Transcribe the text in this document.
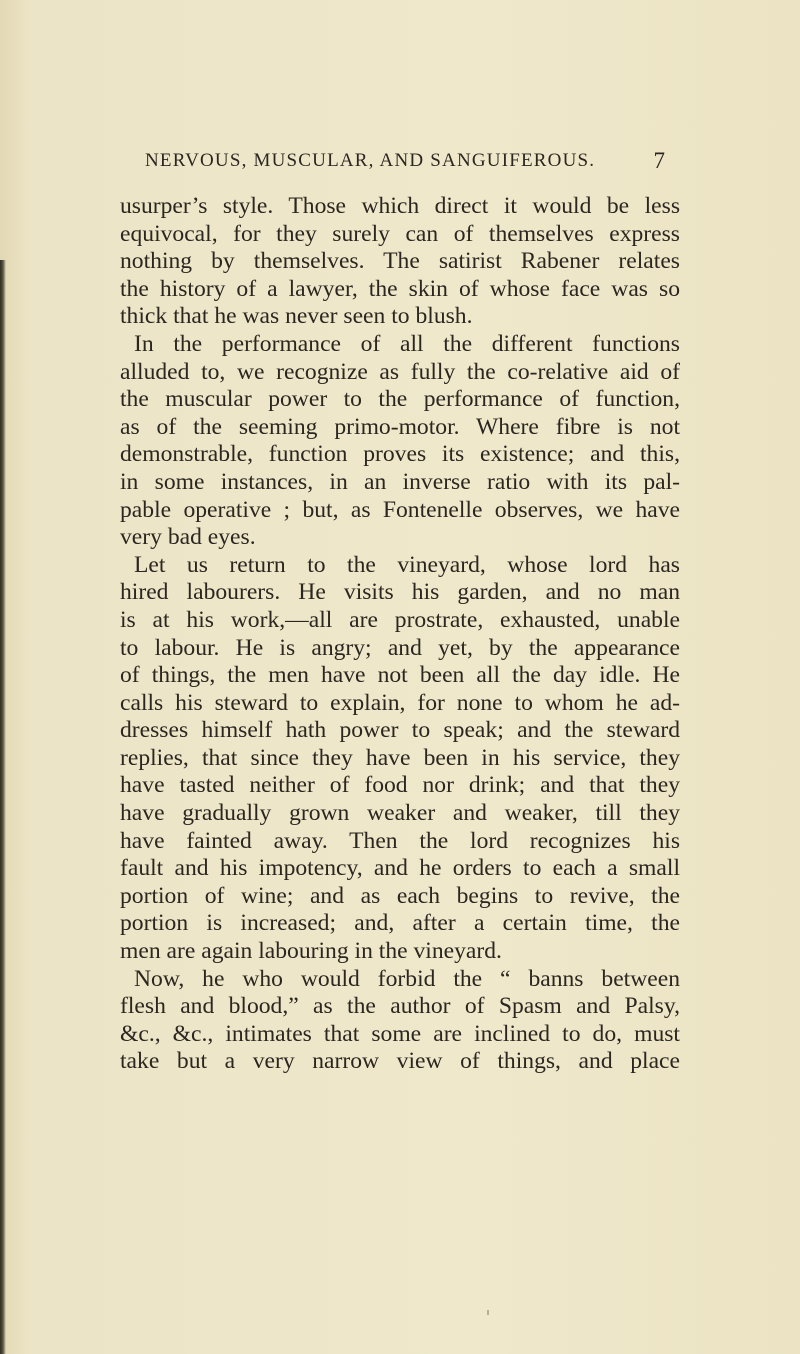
NERVOUS, MUSCULAR, AND SANGUIFEROUS.	7
usurper’s style. Those which direct it would be less
equivocal, for they surely can of themselves express
nothing by themselves. The satirist Rabener relates
the history of a lawyer, the skin of whose face was so
thick that he was never seen to blush.
In the performance of all the different functions
alluded to, we recognize as fully the co-relative aid of
the muscular power to the performance of function,
as of the seeming primo-motor. Where fibre is not
demonstrable, function proves its existence; and this,
in some instances, in an inverse ratio with its pal-
pable operative ; but, as Fontenelle observes, we have
very bad eyes.
Let us return to the vineyard, whose lord has
hired labourers. He visits his garden, and no man
is at his work,—all are prostrate, exhausted, unable
to labour. He is angry; and yet, by the appearance
of things, the men have not been all the day idle. He
calls his steward to explain, for none to whom he ad-
dresses himself hath power to speak; and the steward
replies, that since they have been in his service, they
have tasted neither of food nor drink; and that they
have gradually grown weaker and weaker, till they
have fainted away. Then the lord recognizes his
fault and his impotency, and he orders to each a small
portion of wine; and as each begins to revive, the
portion is increased; and, after a certain time, the
men are again labouring in the vineyard.
Now, he who would forbid the “ banns between
flesh and blood,” as the author of Spasm and Palsy,
&c., &c., intimates that some are inclined to do, must
take but a very narrow view of things, and place
